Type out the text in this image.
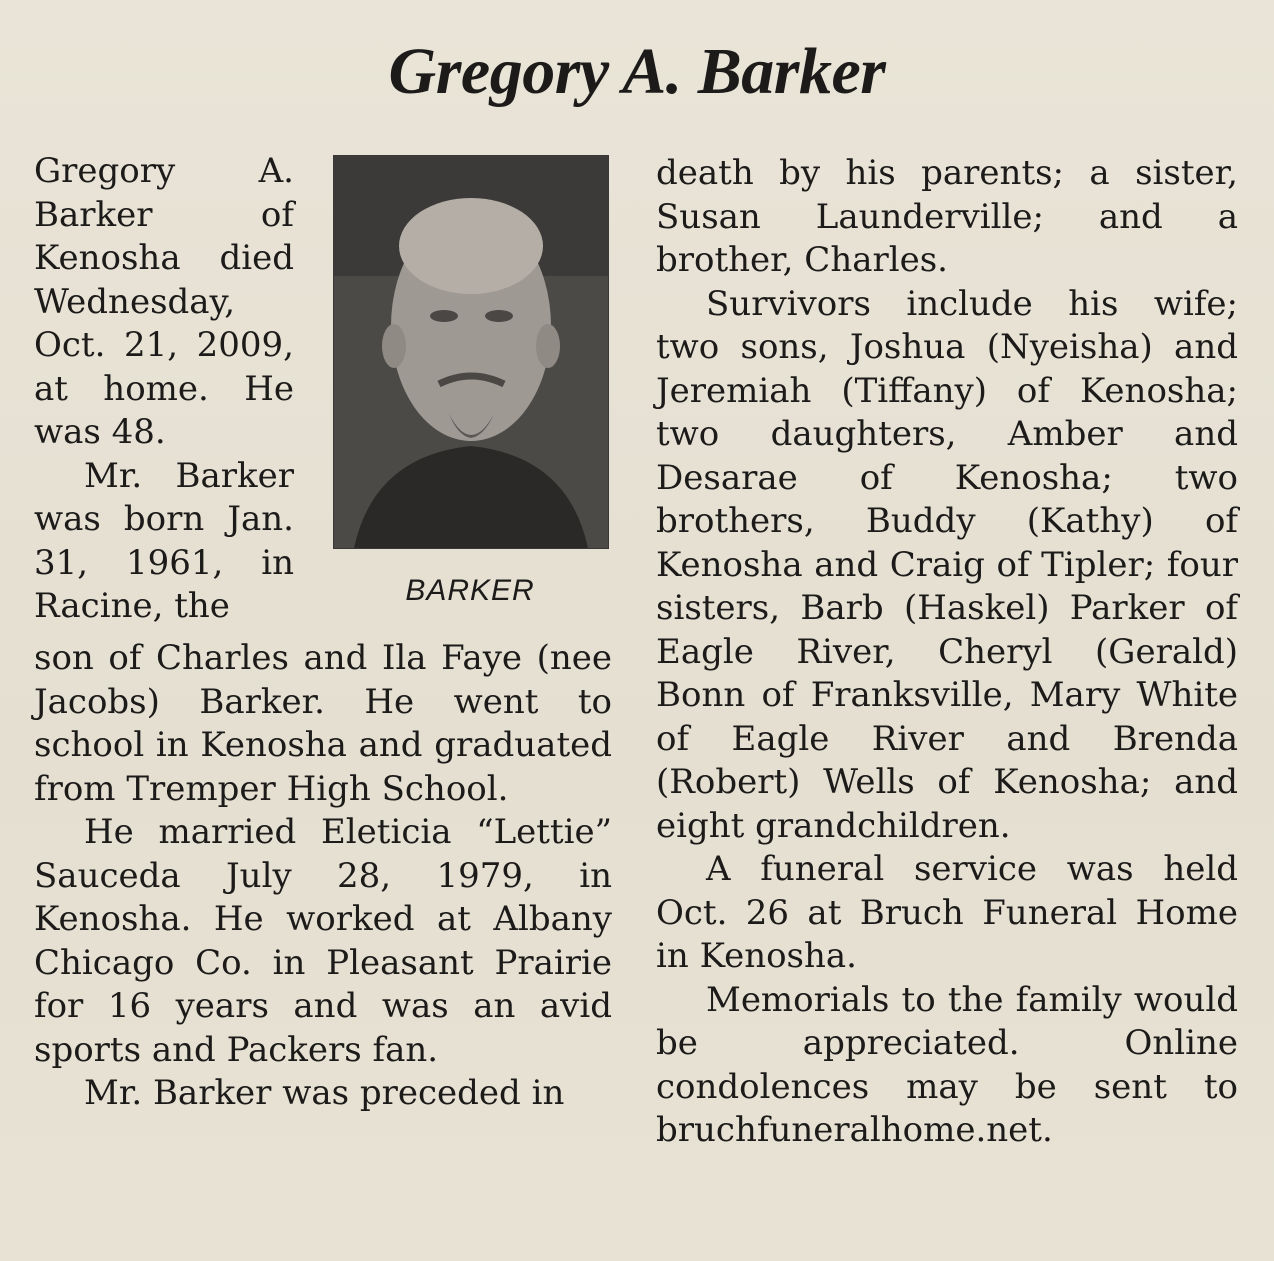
Gregory A. Barker

Gregory A. Barker of Kenosha died Wednesday, Oct. 21, 2009, at home. He was 48.

Mr. Barker was born Jan. 31, 1961, in Racine, the	BARKER

son of Charles and Ila Faye (nee Jacobs) Barker. He went to school in Kenosha and graduated from Tremper High School.

He married Eleticia “Lettie” Sauceda July 28, 1979, in Kenosha. He worked at Albany Chicago Co. in Pleasant Prairie for 16 years and was an avid sports and Packers fan.

Mr. Barker was preceded in

death by his parents; a sister, Susan Launderville; and a brother, Charles.

Survivors include his wife; two sons, Joshua (Nyeisha) and Jeremiah (Tiffany) of Kenosha; two daughters, Amber and Desarae of Kenosha; two brothers, Buddy (Kathy) of Kenosha and Craig of Tipler; four sisters, Barb (Haskel) Parker of Eagle River, Cheryl (Gerald) Bonn of Franksville, Mary White of Eagle River and Brenda (Robert) Wells of Kenosha; and eight grandchildren.

A funeral service was held Oct. 26 at Bruch Funeral Home in Kenosha.

Memorials to the family would be appreciated. Online condolences may be sent to bruchfuneralhome.net.
